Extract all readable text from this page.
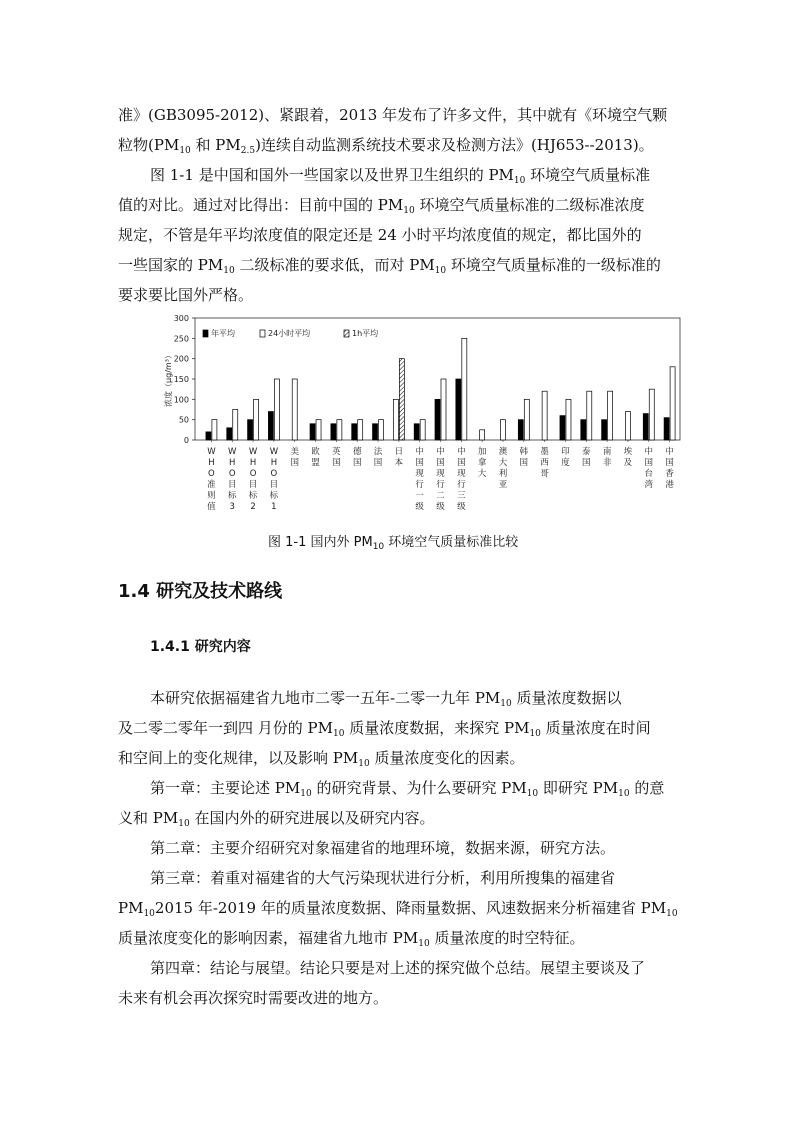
准》(GB3095-2012)、紧跟着，2013 年发布了许多文件，其中就有《环境空气颗
粒物($PM_{10}$ 和 $PM_{2.5}$)连续自动监测系统技术要求及检测方法》(HJ653--2013)。
图 1-1 是中国和国外一些国家以及世界卫生组织的 $PM_{10}$ 环境空气质量标准
值的对比。通过对比得出：目前中国的 $PM_{10}$ 环境空气质量标准的二级标准浓度
规定，不管是年平均浓度值的限定还是 24 小时平均浓度值的规定，都比国外的
一些国家的 $PM_{10}$ 二级标准的要求低，而对 $PM_{10}$ 环境空气质量标准的一级标准的
要求要比国外严格。
0
50
100
150
200
250
300
浓度（μg/m³）
W H O 准则值
W H O 目标 3
W H O 目标 2
W H O 目标 1
美国
欧盟
英国
德国
法国
日本
中国现行一级
中国现行二级
中国现行三级
加拿大
澳大利亚
韩国
墨西哥
印度
泰国
南非
埃及
中国台湾
中国香港
年平均	24小时平均	1h平均
图 1-1 国内外 $PM_{10}$ 环境空气质量标准比较
1.4 研究及技术路线
1.4.1 研究内容
本研究依据福建省九地市二零一五年-二零一九年 $PM_{10}$ 质量浓度数据以
及二零二零年一到四 月份的 $PM_{10}$ 质量浓度数据，来探究 $PM_{10}$ 质量浓度在时间
和空间上的变化规律，以及影响 $PM_{10}$ 质量浓度变化的因素。
第一章：主要论述 $PM_{10}$ 的研究背景、为什么要研究 $PM_{10}$ 即研究 $PM_{10}$ 的意
义和 $PM_{10}$ 在国内外的研究进展以及研究内容。
第二章：主要介绍研究对象福建省的地理环境，数据来源，研究方法。
第三章：着重对福建省的大气污染现状进行分析，利用所搜集的福建省
$PM_{10}2015$ 年-2019 年的质量浓度数据、降雨量数据、风速数据来分析福建省 $PM_{10}$
质量浓度变化的影响因素，福建省九地市 $PM_{10}$ 质量浓度的时空特征。
第四章：结论与展望。结论只要是对上述的探究做个总结。展望主要谈及了
未来有机会再次探究时需要改进的地方。
